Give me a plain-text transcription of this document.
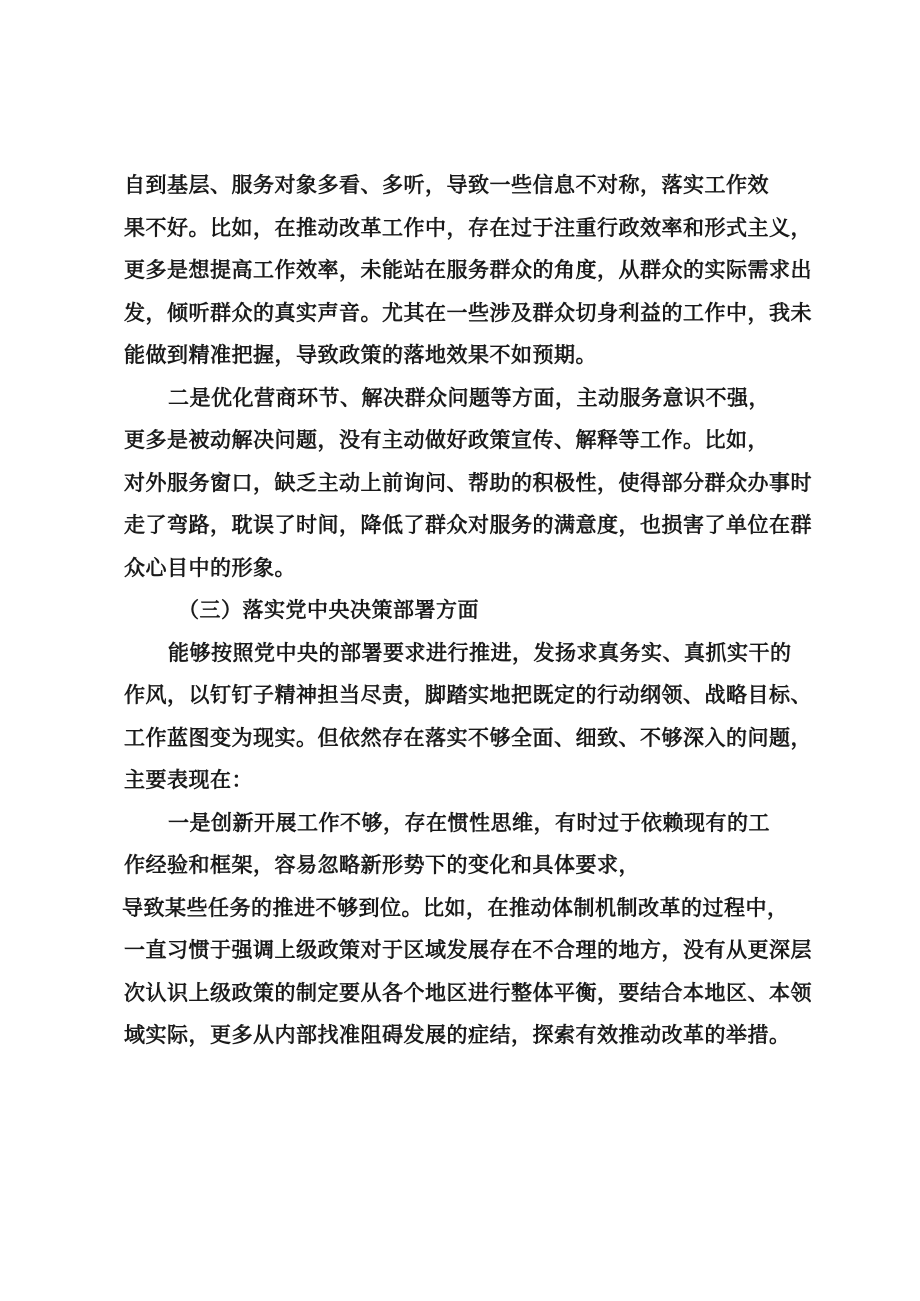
自到基层、服务对象多看、多听，导致一些信息不对称，落实工作效
果不好。比如，在推动改革工作中，存在过于注重行政效率和形式主义，
更多是想提高工作效率，未能站在服务群众的角度，从群众的实际需求出
发，倾听群众的真实声音。尤其在一些涉及群众切身利益的工作中，我未
能做到精准把握，导致政策的落地效果不如预期。

二是优化营商环节、解决群众问题等方面，主动服务意识不强，
更多是被动解决问题，没有主动做好政策宣传、解释等工作。比如，
对外服务窗口，缺乏主动上前询问、帮助的积极性，使得部分群众办事时
走了弯路，耽误了时间，降低了群众对服务的满意度，也损害了单位在群
众心目中的形象。

（三）落实党中央决策部署方面

能够按照党中央的部署要求进行推进，发扬求真务实、真抓实干的
作风，以钉钉子精神担当尽责，脚踏实地把既定的行动纲领、战略目标、
工作蓝图变为现实。但依然存在落实不够全面、细致、不够深入的问题，
主要表现在：

一是创新开展工作不够，存在惯性思维，有时过于依赖现有的工
作经验和框架，容易忽略新形势下的变化和具体要求，

导致某些任务的推进不够到位。比如，在推动体制机制改革的过程中，
一直习惯于强调上级政策对于区域发展存在不合理的地方，没有从更深层
次认识上级政策的制定要从各个地区进行整体平衡，要结合本地区、本领
域实际，更多从内部找准阻碍发展的症结，探索有效推动改革的举措。
